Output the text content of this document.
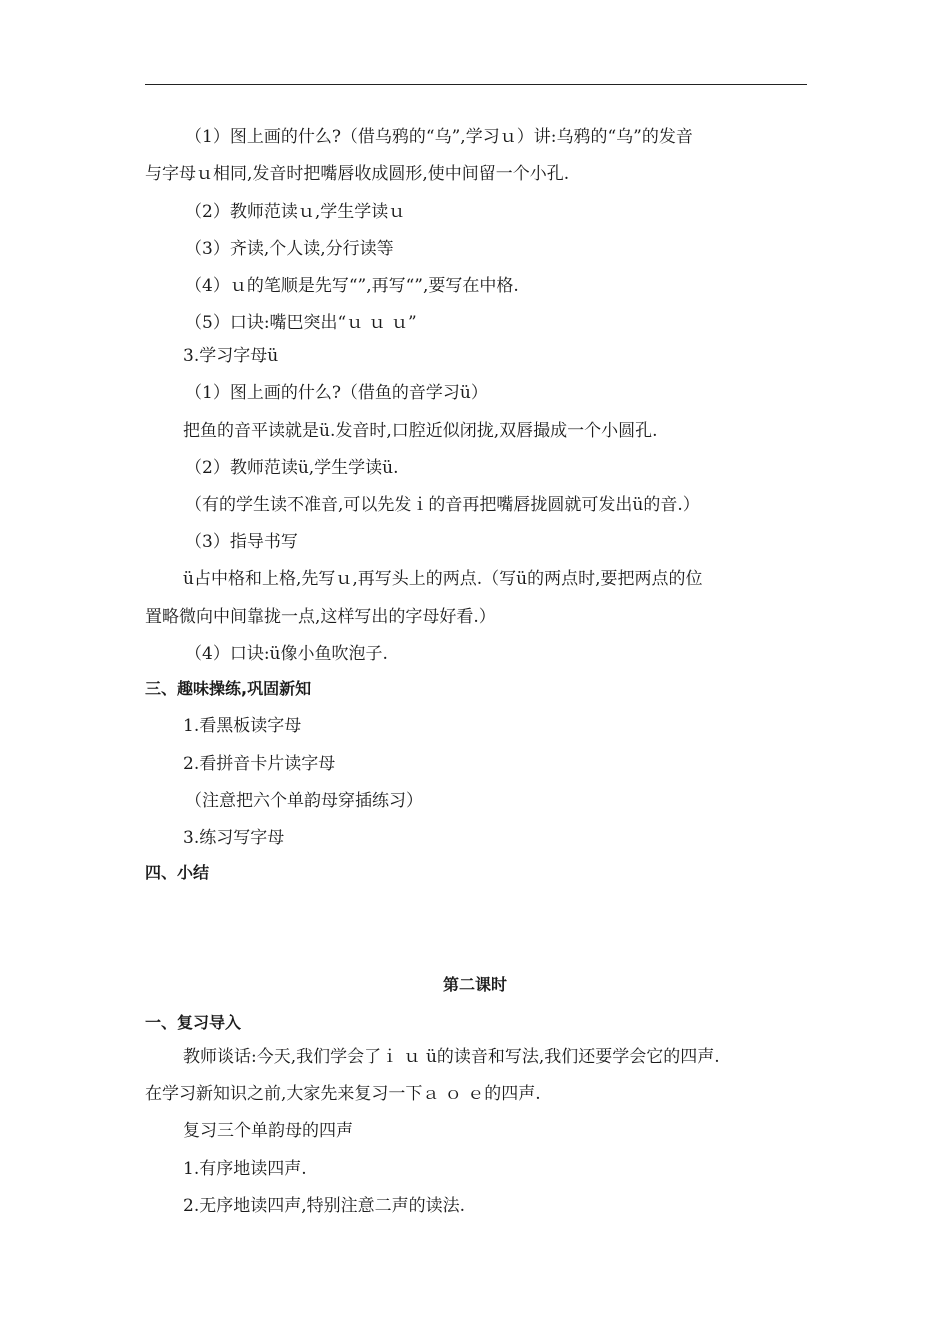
（1）图上画的什么?（借乌鸦的“乌”,学习ｕ）讲:乌鸦的“乌”的发音
与字母ｕ相同,发音时把嘴唇收成圆形,使中间留一个小孔.
（2）教师范读ｕ,学生学读ｕ
（3）齐读,个人读,分行读等
（4）ｕ的笔顺是先写“”,再写“”,要写在中格.
（5）口诀:嘴巴突出“ｕ ｕ ｕ”
3.学习字母ü
（1）图上画的什么?（借鱼的音学习ü）
把鱼的音平读就是ü.发音时,口腔近似闭拢,双唇撮成一个小圆孔.
（2）教师范读ü,学生学读ü.
（有的学生读不准音,可以先发ｉ的音再把嘴唇拢圆就可发出ü的音.）
（3）指导书写
ü占中格和上格,先写ｕ,再写头上的两点.（写ü的两点时,要把两点的位
置略微向中间靠拢一点,这样写出的字母好看.）
（4）口诀:ü像小鱼吹泡子.
三、趣味操练,巩固新知
1.看黑板读字母
2.看拼音卡片读字母
（注意把六个单韵母穿插练习）
3.练习写字母
四、小结
第二课时
一、复习导入
教师谈话:今天,我们学会了ｉ ｕ ü的读音和写法,我们还要学会它的四声.
在学习新知识之前,大家先来复习一下ａ ｏ ｅ的四声.
复习三个单韵母的四声
1.有序地读四声.
2.无序地读四声,特别注意二声的读法.
